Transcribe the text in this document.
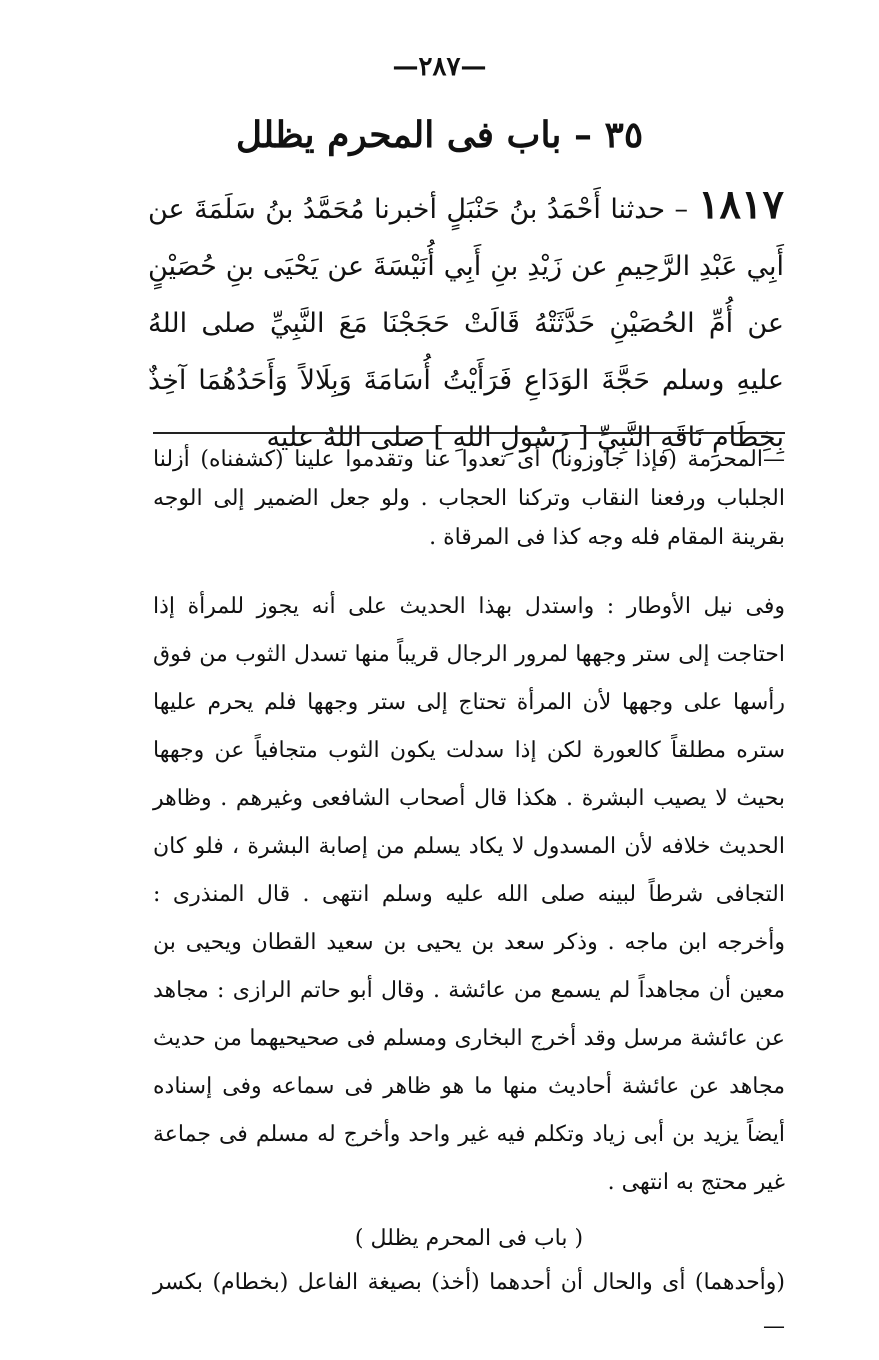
—٢٨٧—
٣٥ – باب فى المحرم يظلل
١٨١٧– حدثنا أَحْمَدُ بنُ حَنْبَلٍ أخبرنا مُحَمَّدُ بنُ سَلَمَةَ عن أَبِي عَبْدِ الرَّحِيمِ عن زَيْدِ بنِ أَبِي أُنَيْسَةَ عن يَحْيَى بنِ حُصَيْنٍ عن أُمِّ الحُصَيْنِ حَدَّثَتْهُ قَالَتْ حَجَجْنَا مَعَ النَّبِيِّ صلى اللهُ عليهِ وسلم حَجَّةَ الوَدَاعِ فَرَأَيْتُ أُسَامَةَ وَبِلَالاً وَأَحَدُهُمَا آخِذٌ بِخِطَامِ نَاقَةِ النَّبِيِّ [ رَسُولِ اللهِ ] صلى اللهُ عليه

—المحرمة (فإذا جاوزونا) أى تعدوا عنا وتقدموا علينا (كشفناه) أزلنا الجلباب ورفعنا النقاب وتركنا الحجاب . ولو جعل الضمير إلى الوجه بقرينة المقام فله وجه كذا فى المرقاة .

وفى نيل الأوطار : واستدل بهذا الحديث على أنه يجوز للمرأة إذا احتاجت إلى ستر وجهها لمرور الرجال قريباً منها تسدل الثوب من فوق رأسها على وجهها لأن المرأة تحتاج إلى ستر وجهها فلم يحرم عليها ستره مطلقاً كالعورة لكن إذا سدلت يكون الثوب متجافياً عن وجهها بحيث لا يصيب البشرة . هكذا قال أصحاب الشافعى وغيرهم . وظاهر الحديث خلافه لأن المسدول لا يكاد يسلم من إصابة البشرة ، فلو كان التجافى شرطاً لبينه صلى الله عليه وسلم انتهى . قال المنذرى : وأخرجه ابن ماجه . وذكر سعد بن يحيى بن سعيد القطان ويحيى بن معين أن مجاهداً لم يسمع من عائشة . وقال أبو حاتم الرازى : مجاهد عن عائشة مرسل وقد أخرج البخارى ومسلم فى صحيحيهما من حديث مجاهد عن عائشة أحاديث منها ما هو ظاهر فى سماعه وفى إسناده أيضاً يزيد بن أبى زياد وتكلم فيه غير واحد وأخرج له مسلم فى جماعة غير محتج به انتهى .

( باب فى المحرم يظلل )

(وأحدهما) أى والحال أن أحدهما (أخذ) بصيغة الفاعل (بخطام) بكسر —
